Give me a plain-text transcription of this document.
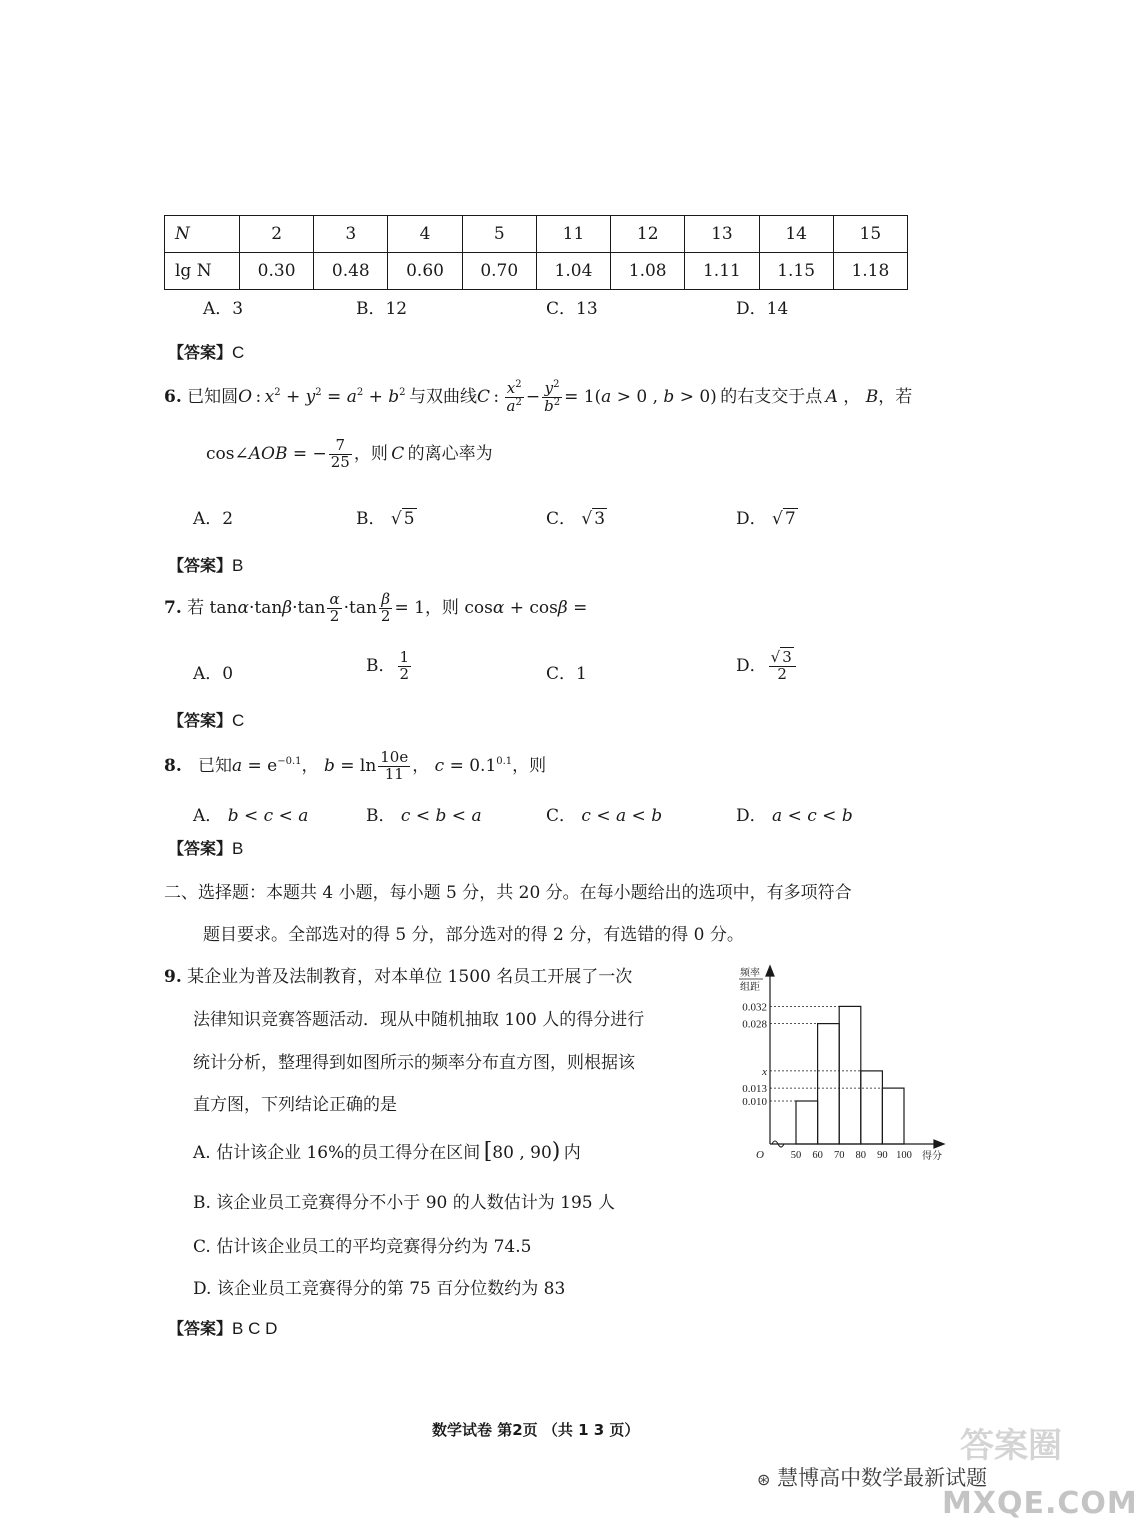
N	2	3	4	5	11	12	13	14	15
lg N	0.30	0.48	0.60	0.70	1.04	1.08	1.11	1.15	1.18
A．3	B．12	C．13	D．14
【答案】C
6. 已知圆O : $x^2 + y^2 = a^2 + b^2$  与双曲线C :  $\frac{x^2}{a^2} - \frac{y^2}{b^2} = 1(a > 0$ , b > 0) 的右支交于点  A ， B，若
cos∠AOB = − $\frac{7}{25}$ ，则  C  的离心率为
A．2	B． √ 5	C． √ 3	D． √ 7
【答案】B
7. 若 $\tan\alpha\cdot\tan\beta\cdot\tan \frac{\alpha}{2} \cdot\tan \frac{\beta}{2} = 1$，则 cosα + cosβ =
A．0	B． $\frac{1}{2}$	C．1	D． $\frac{√ 3}{2}$
【答案】C
8. 已知$a = e^{-0.1}$， $b = \ln \frac{10e}{11}$ ， $c = 0.1^{0.1}$，则
A． b < c < a	B． c < b < a	C． c < a < b	D． a < c < b
【答案】B
二、选择题：本题共 4 小题，每小题 5 分，共 20 分。在每小题给出的选项中，有多项符合
题目要求。全部选对的得 5 分，部分选对的得 2 分，有选错的得 0 分。
9. 某企业为普及法制教育，对本单位 1500 名员工开展了一次
法律知识竞赛答题活动．现从中随机抽取 100 人的得分进行
统计分析，整理得到如图所示的频率分布直方图，则根据该
直方图，下列结论正确的是
A. 估计该企业 16%的员工得分在区间  [80 , 90)  内
B. 该企业员工竞赛得分不小于 90 的人数估计为 195 人
C. 估计该企业员工的平均竞赛得分约为 74.5
D. 该企业员工竞赛得分的第 75 百分位数约为 83
【答案】B C D
频率
组距
O	得分
0.032
0.028
x
0.013
0.010
50 60 70 80 90 100
数学试卷 第2页 （共 1 3 页）
⊛ 慧博高中数学最新试题
MXQE.COM
答案圈
